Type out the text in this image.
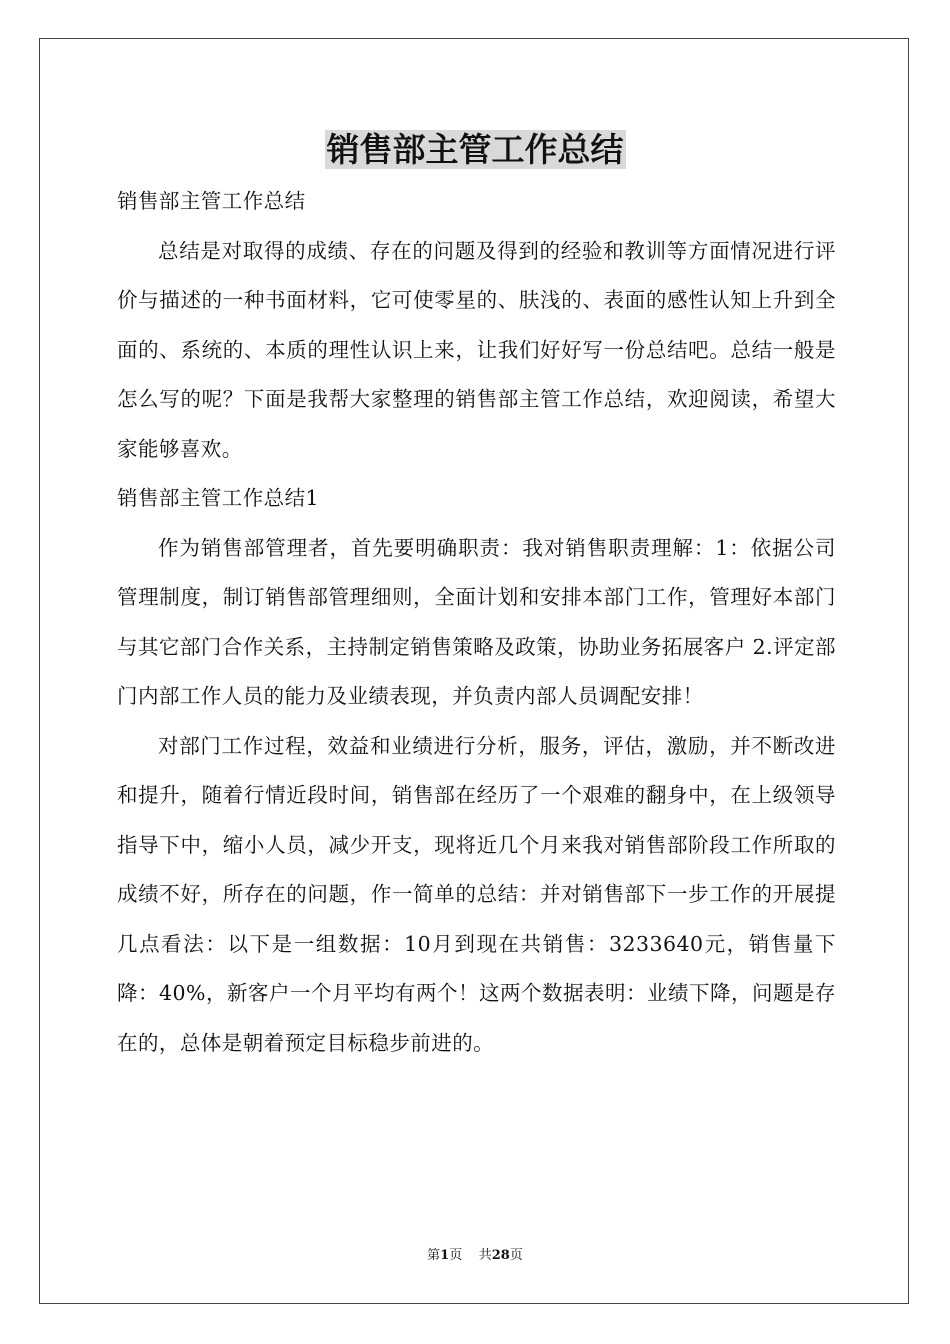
销售部主管工作总结

销售部主管工作总结

总结是对取得的成绩、存在的问题及得到的经验和教训等方面情况进行评价与描述的一种书面材料，它可使零星的、肤浅的、表面的感性认知上升到全面的、系统的、本质的理性认识上来，让我们好好写一份总结吧。总结一般是怎么写的呢？下面是我帮大家整理的销售部主管工作总结，欢迎阅读，希望大家能够喜欢。

销售部主管工作总结1

作为销售部管理者，首先要明确职责：我对销售职责理解：1：依据公司管理制度，制订销售部管理细则，全面计划和安排本部门工作，管理好本部门与其它部门合作关系，主持制定销售策略及政策，协助业务拓展客户 2.评定部门内部工作人员的能力及业绩表现，并负责内部人员调配安排！

对部门工作过程，效益和业绩进行分析，服务，评估，激励，并不断改进和提升，随着行情近段时间，销售部在经历了一个艰难的翻身中，在上级领导指导下中，缩小人员，减少开支，现将近几个月来我对销售部阶段工作所取的成绩不好，所存在的问题，作一简单的总结：并对销售部下一步工作的开展提几点看法：以下是一组数据：10月到现在共销售：3233640元，销售量下降：40%，新客户一个月平均有两个！这两个数据表明：业绩下降，问题是存在的，总体是朝着预定目标稳步前进的。

第1页 共28页
